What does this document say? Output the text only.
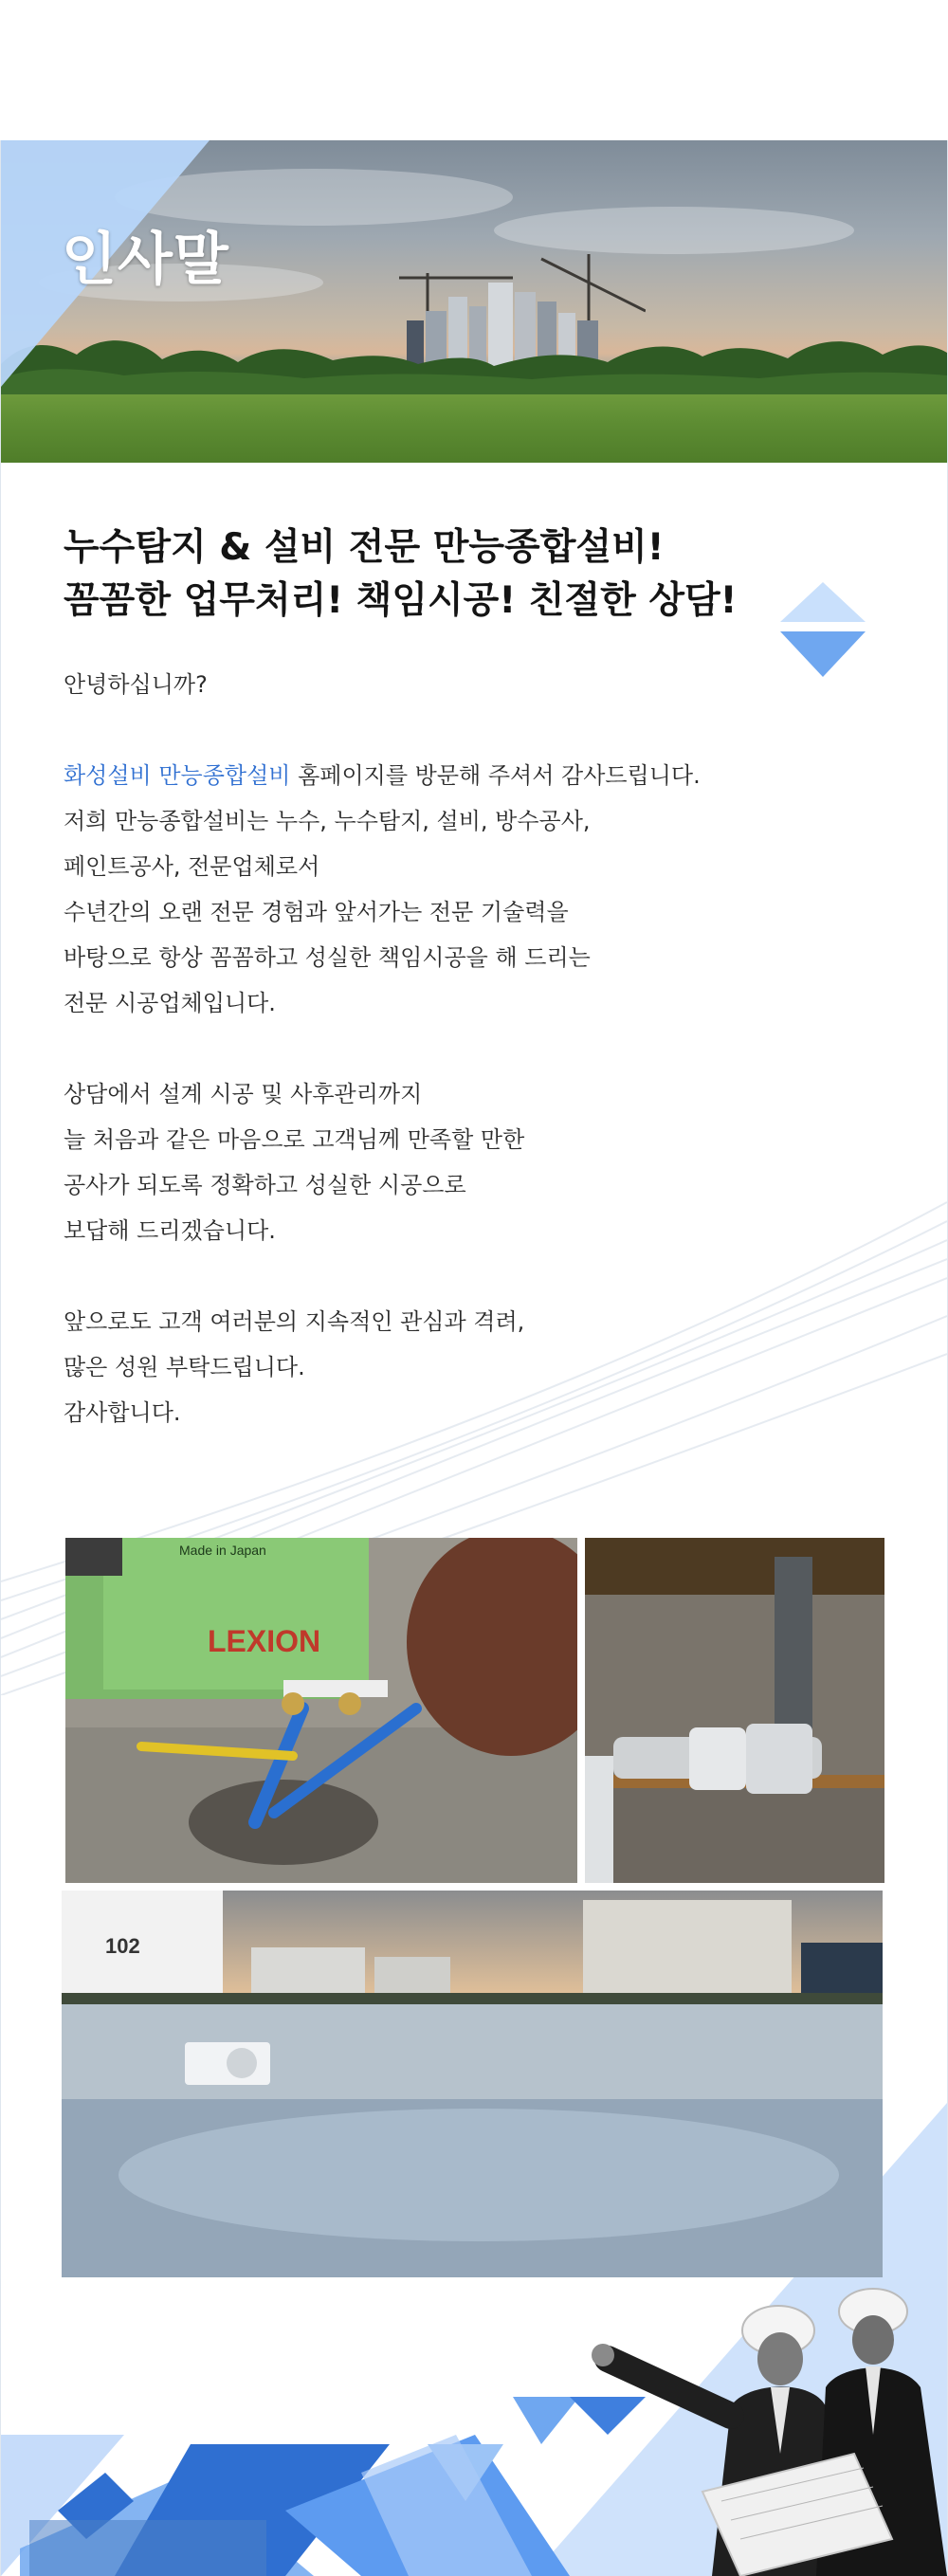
인사말
누수탐지 & 설비 전문 만능종합설비!
꼼꼼한 업무처리! 책임시공! 친절한 상담!

안녕하십니까?

화성설비 만능종합설비 홈페이지를 방문해 주셔서 감사드립니다.

저희 만능종합설비는 누수, 누수탐지, 설비, 방수공사,

페인트공사, 전문업체로서

수년간의 오랜 전문 경험과 앞서가는 전문 기술력을

바탕으로 항상 꼼꼼하고 성실한 책임시공을 해 드리는

전문 시공업체입니다.

상담에서 설계 시공 및 사후관리까지

늘 처음과 같은 마음으로 고객님께 만족할 만한

공사가 되도록 정확하고 성실한 시공으로

보답해 드리겠습니다.

앞으로도 고객 여러분의 지속적인 관심과 격려,

많은 성원 부탁드립니다.

감사합니다.

Made in Japan
LEXION
102
